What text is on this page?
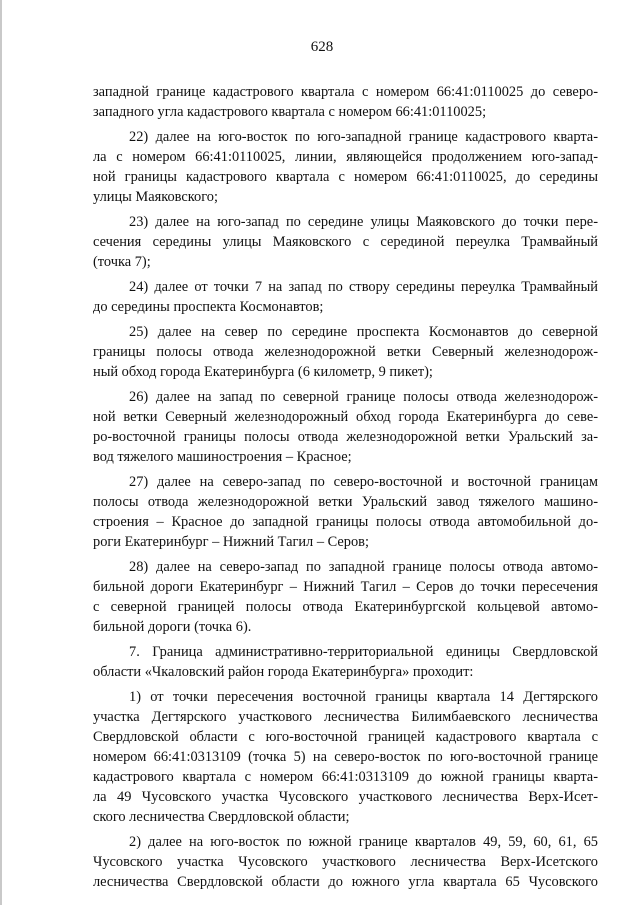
628

западной границе кадастрового квартала с номером 66:41:0110025 до северо-
западного угла кадастрового квартала с номером 66:41:0110025;

22) далее на юго-восток по юго-западной границе кадастрового кварта-
ла с номером 66:41:0110025, линии, являющейся продолжением юго-запад-
ной границы кадастрового квартала с номером 66:41:0110025, до середины
улицы Маяковского;

23) далее на юго-запад по середине улицы Маяковского до точки пере-
сечения середины улицы Маяковского с серединой переулка Трамвайный
(точка 7);

24) далее от точки 7 на запад по створу середины переулка Трамвайный
до середины проспекта Космонавтов;

25) далее на север по середине проспекта Космонавтов до северной
границы полосы отвода железнодорожной ветки Северный железнодорож-
ный обход города Екатеринбурга (6 километр, 9 пикет);

26) далее на запад по северной границе полосы отвода железнодорож-
ной ветки Северный железнодорожный обход города Екатеринбурга до севе-
ро-восточной границы полосы отвода железнодорожной ветки Уральский за-
вод тяжелого машиностроения – Красное;

27) далее на северо-запад по северо-восточной и восточной границам
полосы отвода железнодорожной ветки Уральский завод тяжелого машино-
строения – Красное до западной границы полосы отвода автомобильной до-
роги Екатеринбург – Нижний Тагил – Серов;

28) далее на северо-запад по западной границе полосы отвода автомо-
бильной дороги Екатеринбург – Нижний Тагил – Серов до точки пересечения
с северной границей полосы отвода Екатеринбургской кольцевой автомо-
бильной дороги (точка 6).

7. Граница административно-территориальной единицы Свердловской
области «Чкаловский район города Екатеринбурга» проходит:

1) от точки пересечения восточной границы квартала 14 Дегтярского
участка Дегтярского участкового лесничества Билимбаевского лесничества
Свердловской области с юго-восточной границей кадастрового квартала с
номером 66:41:0313109 (точка 5) на северо-восток по юго-восточной границе
кадастрового квартала с номером 66:41:0313109 до южной границы кварта-
ла 49 Чусовского участка Чусовского участкового лесничества Верх-Исет-
ского лесничества Свердловской области;

2) далее на юго-восток по южной границе кварталов 49, 59, 60, 61, 65
Чусовского участка Чусовского участкового лесничества Верх-Исетского
лесничества Свердловской области до южного угла квартала 65 Чусовского
